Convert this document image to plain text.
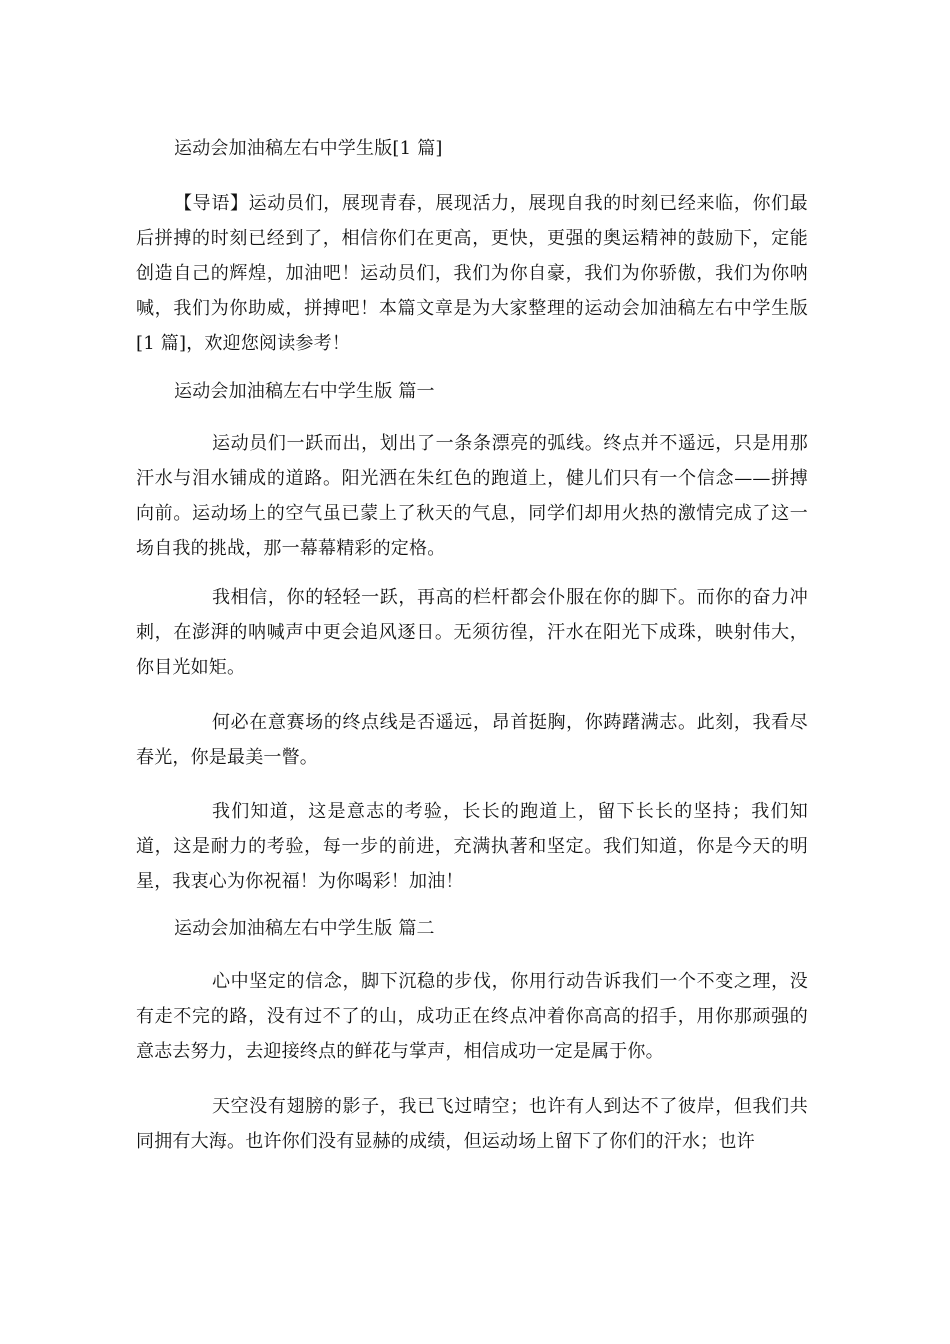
运动会加油稿左右中学生版[1 篇]
【导语】运动员们，展现青春，展现活力，展现自我的时刻已经来临，你们最后拼搏的时刻已经到了，相信你们在更高，更快，更强的奥运精神的鼓励下，定能创造自己的辉煌，加油吧！运动员们，我们为你自豪，我们为你骄傲，我们为你呐喊，我们为你助威，拼搏吧！本篇文章是为大家整理的运动会加油稿左右中学生版[1 篇]，欢迎您阅读参考！
运动会加油稿左右中学生版 篇一
运动员们一跃而出，划出了一条条漂亮的弧线。终点并不遥远，只是用那汗水与泪水铺成的道路。阳光洒在朱红色的跑道上，健儿们只有一个信念——拼搏向前。运动场上的空气虽已蒙上了秋天的气息，同学们却用火热的激情完成了这一场自我的挑战，那一幕幕精彩的定格。
我相信，你的轻轻一跃，再高的栏杆都会仆服在你的脚下。而你的奋力冲刺，在澎湃的呐喊声中更会追风逐日。无须彷徨，汗水在阳光下成珠，映射伟大，你目光如矩。
何必在意赛场的终点线是否遥远，昂首挺胸，你踌躇满志。此刻，我看尽春光，你是最美一瞥。
我们知道，这是意志的考验，长长的跑道上，留下长长的坚持；我们知道，这是耐力的考验，每一步的前进，充满执著和坚定。我们知道，你是今天的明星，我衷心为你祝福！为你喝彩！加油！
运动会加油稿左右中学生版 篇二
心中坚定的信念，脚下沉稳的步伐，你用行动告诉我们一个不变之理，没有走不完的路，没有过不了的山，成功正在终点冲着你高高的招手，用你那顽强的意志去努力，去迎接终点的鲜花与掌声，相信成功一定是属于你。
天空没有翅膀的影子，我已飞过晴空；也许有人到达不了彼岸，但我们共同拥有大海。也许你们没有显赫的成绩，但运动场上留下了你们的汗水；也许
